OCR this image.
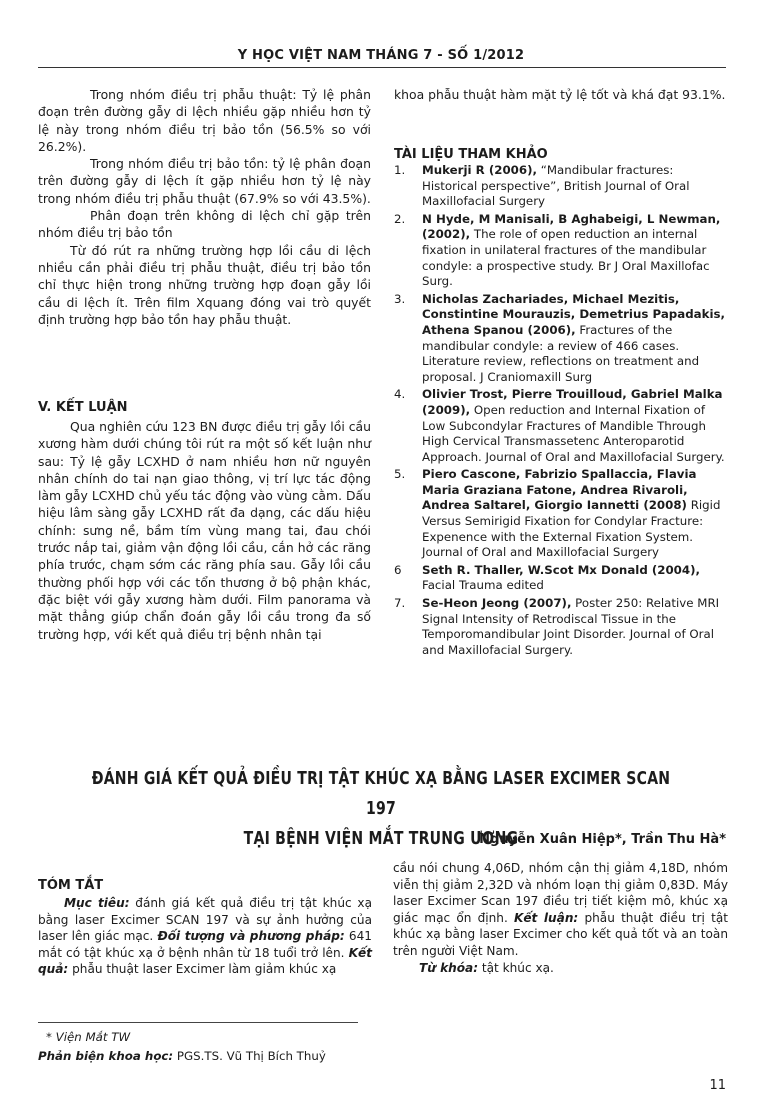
Y HỌC VIỆT NAM THÁNG 7 - SỐ 1/2012

Trong nhóm điều trị phẫu thuật: Tỷ lệ phân đoạn trên đường gẫy di lệch nhiều gặp nhiều hơn tỷ lệ này trong nhóm điều trị bảo tồn (56.5% so với 26.2%).

Trong nhóm điều trị bảo tồn: tỷ lệ phân đoạn trên đường gẫy di lệch ít gặp nhiều hơn tỷ lệ này trong nhóm điều trị phẫu thuật (67.9% so với 43.5%).

Phân đoạn trên không di lệch chỉ gặp trên nhóm điều trị bảo tồn

Từ đó rút ra những trường hợp lồi cầu di lệch nhiều cần phải điều trị phẫu thuật, điều trị bảo tồn chỉ thực hiện trong những trường hợp đoạn gẫy lồi cầu di lệch ít. Trên film Xquang đóng vai trò quyết định trường hợp bảo tồn hay phẫu thuật.

V. KẾT LUẬN

Qua nghiên cứu 123 BN được điều trị gẫy lồi cầu xương hàm dưới chúng tôi rút ra một số kết luận như sau: Tỷ lệ gẫy LCXHD ở nam nhiều hơn nữ nguyên nhân chính do tai nạn giao thông, vị trí lực tác động làm gẫy LCXHD chủ yếu tác động vào vùng cằm. Dấu hiệu lâm sàng gẫy LCXHD rất đa dạng, các dấu hiệu chính: sưng nề, bầm tím vùng mang tai, đau chói trước nắp tai, giảm vận động lồi cầu, cắn hở các răng phía trước, chạm sớm các răng phía sau. Gẫy lồi cầu thường phối hợp với các tổn thương ở bộ phận khác, đặc biệt với gẫy xương hàm dưới. Film panorama và mặt thẳng giúp chẩn đoán gẫy lồi cầu trong đa số trường hợp, với kết quả điều trị bệnh nhân tại

khoa phẫu thuật hàm mặt tỷ lệ tốt và khá đạt 93.1%.
TÀI LIỆU THAM KHẢO
1.	Mukerji R (2006), “Mandibular fractures: Historical perspective”, British Journal of Oral Maxillofacial Surgery
2.	N Hyde, M Manisali, B Aghabeigi, L Newman, (2002), The role of open reduction an internal fixation in unilateral fractures of the mandibular condyle: a prospective study. Br J Oral Maxillofac Surg.
3.	Nicholas Zachariades, Michael Mezitis, Constintine Mourauzis, Demetrius Papadakis, Athena Spanou (2006), Fractures of the mandibular condyle: a review of 466 cases. Literature review, reflections on treatment and proposal. J Craniomaxill Surg
4.	Olivier Trost, Pierre Trouilloud, Gabriel Malka (2009), Open reduction and Internal Fixation of Low Subcondylar Fractures of Mandible Through High Cervical Transmassetenc Anteroparotid Approach. Journal of Oral and Maxillofacial Surgery.
5.	Piero Cascone, Fabrizio Spallaccia, Flavia Maria Graziana Fatone, Andrea Rivaroli, Andrea Saltarel, Giorgio Iannetti (2008) Rigid Versus Semirigid Fixation for Condylar Fracture: Expenence with the External Fixation System. Journal of Oral and Maxillofacial Surgery
6	Seth R. Thaller, W.Scot Mx Donald (2004), Facial Trauma edited
7.	Se-Heon Jeong (2007), Poster 250: Relative MRI Signal Intensity of Retrodiscal Tissue in the Temporomandibular Joint Disorder. Journal of Oral and Maxillofacial Surgery.
ĐÁNH GIÁ KẾT QUẢ ĐIỀU TRỊ TẬT KHÚC XẠ BẰNG LASER EXCIMER SCAN 197
TẠI BỆNH VIỆN MẮT TRUNG ƯƠNG
Nguyễn Xuân Hiệp*, Trần Thu Hà*
TÓM TẮT
Mục tiêu: đánh giá kết quả điều trị tật khúc xạ bằng laser Excimer SCAN 197 và sự ảnh hưởng của laser lên giác mạc. Đối tượng và phương pháp: 641 mắt có tật khúc xạ ở bệnh nhân từ 18 tuổi trở lên. Kết quả: phẫu thuật laser Excimer làm giảm khúc xạ
cầu nói chung 4,06D, nhóm cận thị giảm 4,18D, nhóm viễn thị giảm 2,32D và nhóm loạn thị giảm 0,83D. Máy laser Excimer Scan 197 điều trị tiết kiệm mô, khúc xạ giác mạc ổn định. Kết luận: phẫu thuật điều trị tật khúc xạ bằng laser Excimer cho kết quả tốt và an toàn trên người Việt Nam.
Từ khóa: tật khúc xạ.
* Viện Mắt TW
Phản biện khoa học: PGS.TS. Vũ Thị Bích Thuỷ
11
